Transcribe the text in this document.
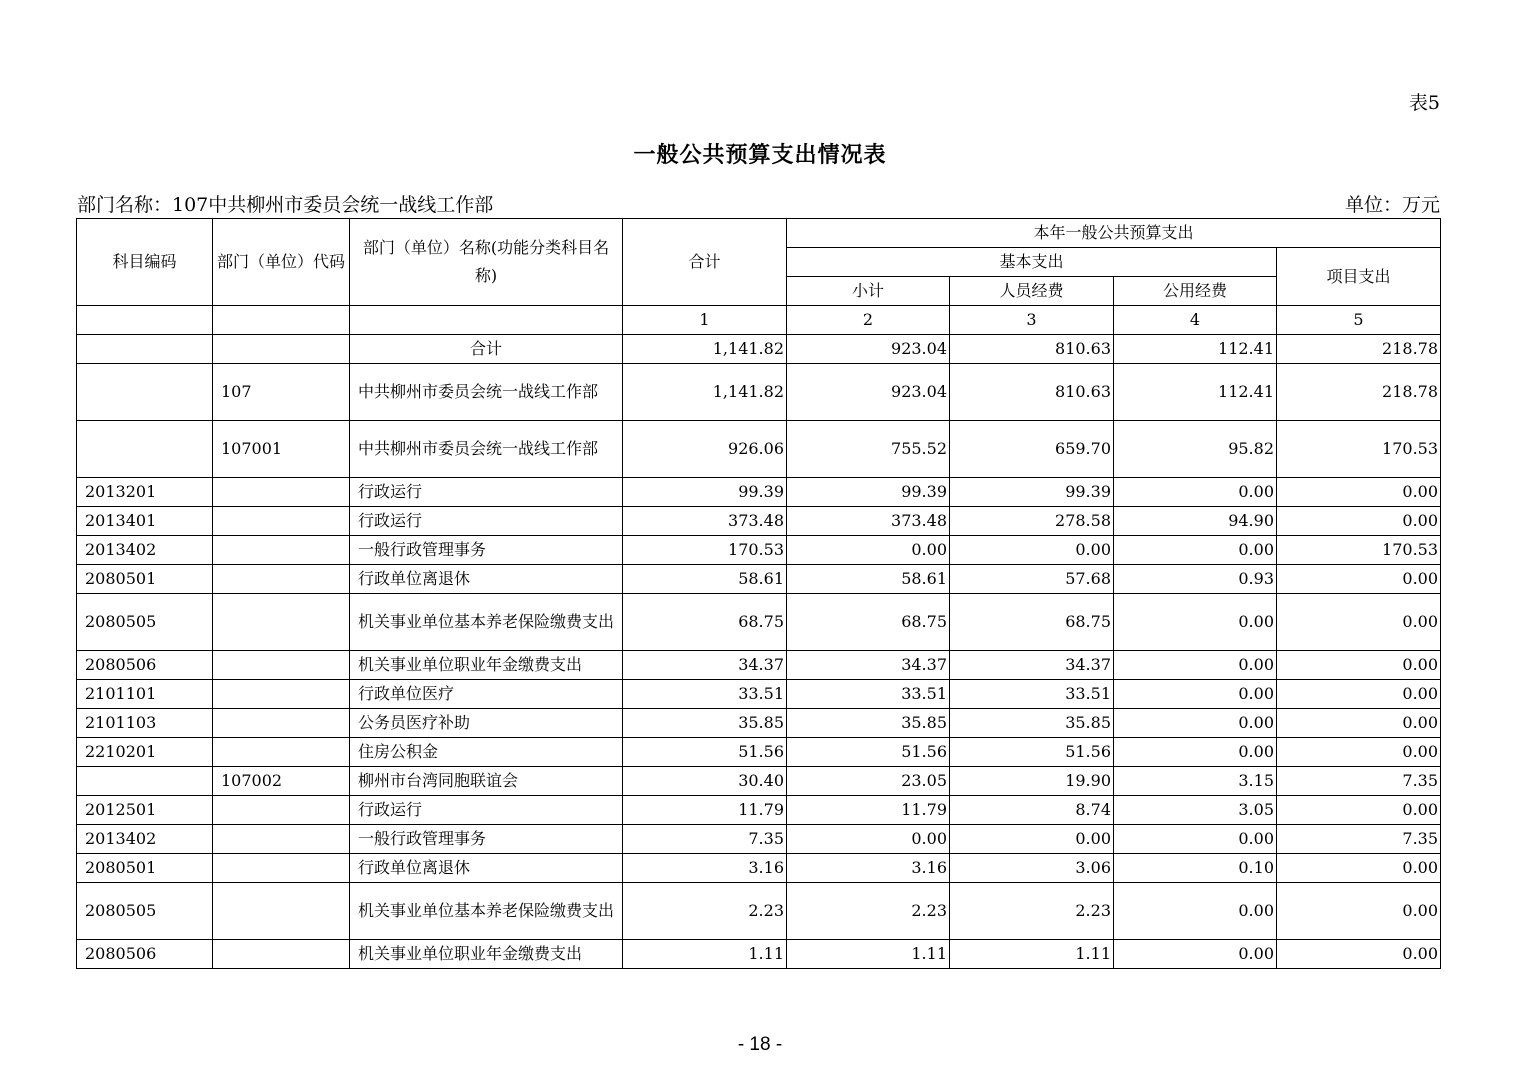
表5
一般公共预算支出情况表
部门名称：107中共柳州市委员会统一战线工作部	单位：万元
科目编码	部门（单位）代码	部门（单位）名称(功能分类科目名称)	合计	本年一般公共预算支出			
				基本支出			项目支出
				小计	人员经费	公用经费	
			1	2	3	4	5
		合计	1,141.82	923.04	810.63	112.41	218.78
	107	中共柳州市委员会统一战线工作部	1,141.82	923.04	810.63	112.41	218.78
	107001	中共柳州市委员会统一战线工作部	926.06	755.52	659.70	95.82	170.53
2013201		行政运行	99.39	99.39	99.39	0.00	0.00
2013401		行政运行	373.48	373.48	278.58	94.90	0.00
2013402		一般行政管理事务	170.53	0.00	0.00	0.00	170.53
2080501		行政单位离退休	58.61	58.61	57.68	0.93	0.00
2080505		机关事业单位基本养老保险缴费支出	68.75	68.75	68.75	0.00	0.00
2080506		机关事业单位职业年金缴费支出	34.37	34.37	34.37	0.00	0.00
2101101		行政单位医疗	33.51	33.51	33.51	0.00	0.00
2101103		公务员医疗补助	35.85	35.85	35.85	0.00	0.00
2210201		住房公积金	51.56	51.56	51.56	0.00	0.00
	107002	柳州市台湾同胞联谊会	30.40	23.05	19.90	3.15	7.35
2012501		行政运行	11.79	11.79	8.74	3.05	0.00
2013402		一般行政管理事务	7.35	0.00	0.00	0.00	7.35
2080501		行政单位离退休	3.16	3.16	3.06	0.10	0.00
2080505		机关事业单位基本养老保险缴费支出	2.23	2.23	2.23	0.00	0.00
2080506		机关事业单位职业年金缴费支出	1.11	1.11	1.11	0.00	0.00
- 18 -
